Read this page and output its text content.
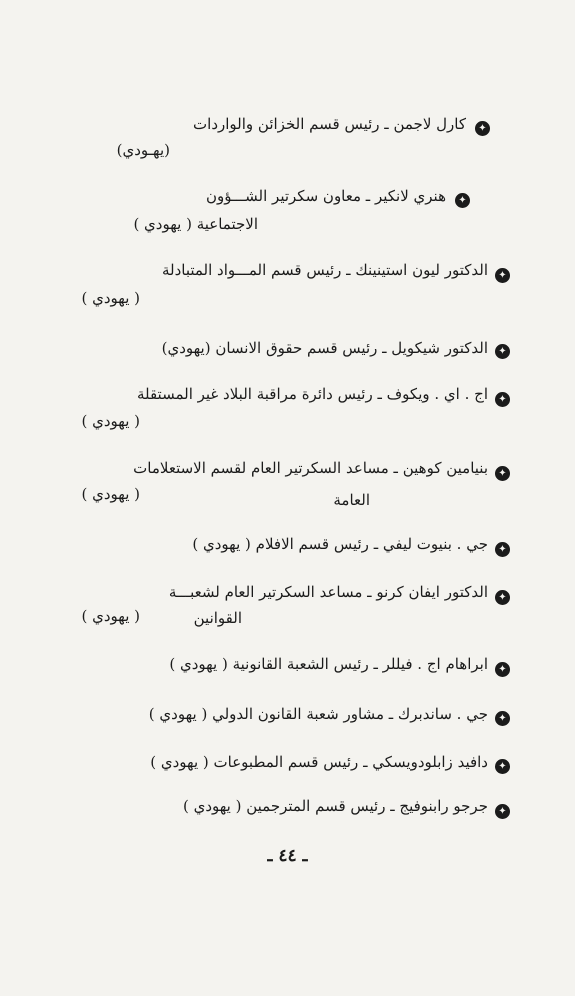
✦
كارل لاجمن ـ رئيس قسم الخزائن والواردات
(يهـودي)
✦
هنري لانكير ـ معاون سكرتير الشـــؤون
الاجتماعية ( يهودي )
✦
الدكتور ليون استينينك ـ رئيس قسم المـــواد المتبادلة
( يهودي )
✦
الدكتور شيكويل ـ رئيس قسم حقوق الانسان (يهودي)
✦
اج . اي . ويكوف ـ رئيس دائرة مراقبة البلاد غير المستقلة
( يهودي )
✦
بنيامين كوهين ـ مساعد السكرتير العام لقسم الاستعلامات
( يهودي )	العامة
✦
جي . بنيوت ليفي ـ رئيس قسم الافلام ( يهودي )
✦
الدكتور ايفان كرنو ـ مساعد السكرتير العام لشعبـــة
( يهودي )	القوانين
✦
ابراهام اج . فيللر ـ رئيس الشعبة القانونية ( يهودي )
✦
جي . ساندبرك ـ مشاور شعبة القانون الدولي ( يهودي )
✦
دافيد زابلودويسكي ـ رئيس قسم المطبوعات ( يهودي )
✦
جرجو رابنوفيج ـ رئيس قسم المترجمين ( يهودي )
ـ ٤٤ ـ
